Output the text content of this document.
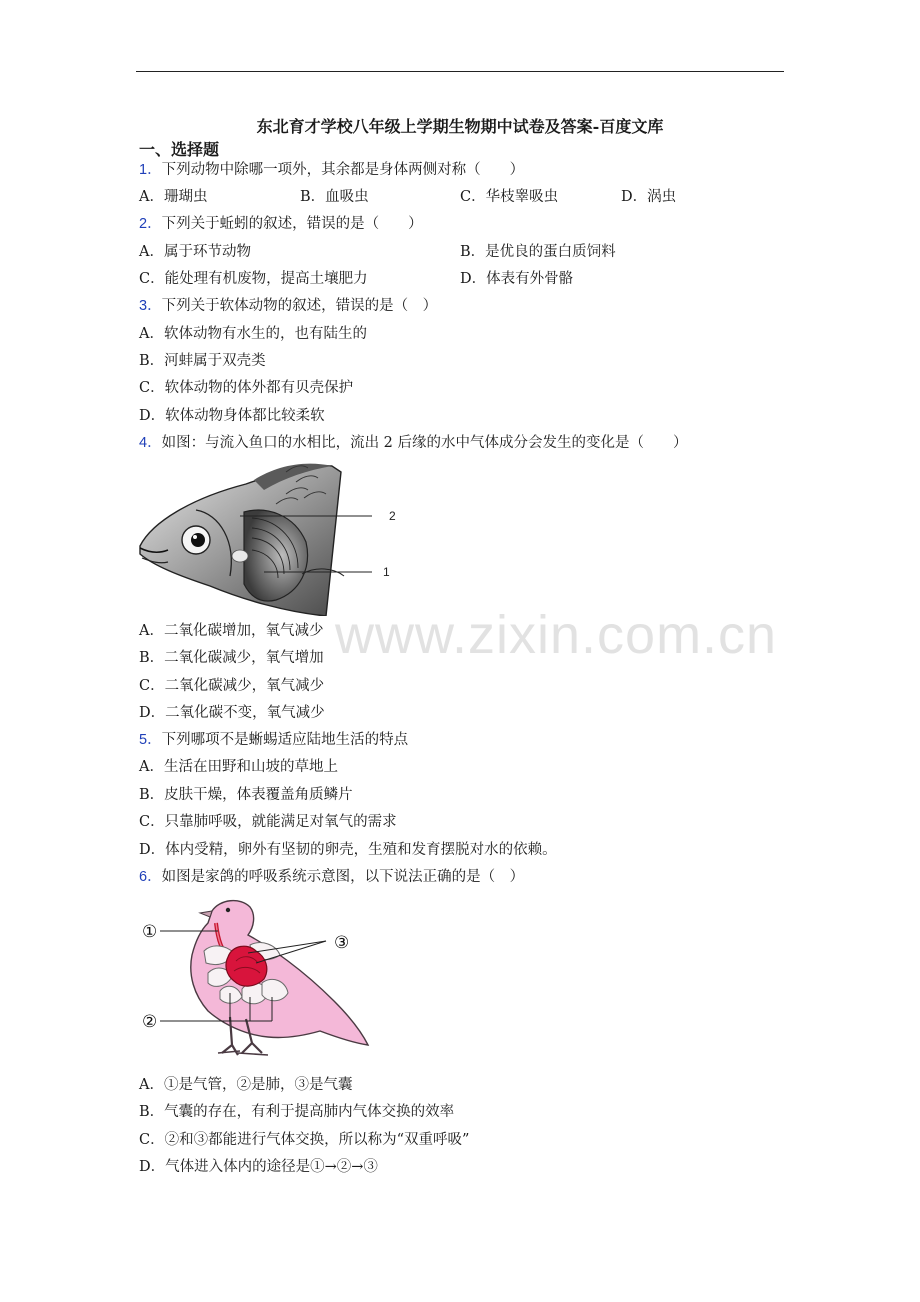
东北育才学校八年级上学期生物期中试卷及答案-百度文库
一、选择题
1．下列动物中除哪一项外，其余都是身体两侧对称（　　）
A．珊瑚虫	B．血吸虫	C．华枝睾吸虫	D．涡虫
2．下列关于蚯蚓的叙述，错误的是（　　）
A．属于环节动物	B．是优良的蛋白质饲料
C．能处理有机废物，提高土壤肥力	D．体表有外骨骼
3．下列关于软体动物的叙述，错误的是（　）
A．软体动物有水生的，也有陆生的
B．河蚌属于双壳类
C．软体动物的体外都有贝壳保护
D．软体动物身体都比较柔软
4．如图：与流入鱼口的水相比，流出 2 后缘的水中气体成分会发生的变化是（　　）
2
1
www.zixin.com.cn
A．二氧化碳增加，氧气减少
B．二氧化碳减少，氧气增加
C．二氧化碳减少，氧气减少
D．二氧化碳不变，氧气减少
5．下列哪项不是蜥蜴适应陆地生活的特点
A．生活在田野和山坡的草地上
B．皮肤干燥，体表覆盖角质鳞片
C．只靠肺呼吸，就能满足对氧气的需求
D．体内受精，卵外有坚韧的卵壳，生殖和发育摆脱对水的依赖。
6．如图是家鸽的呼吸系统示意图，以下说法正确的是（　）
①
③
②
A．①是气管，②是肺，③是气囊
B．气囊的存在，有利于提高肺内气体交换的效率
C．②和③都能进行气体交换，所以称为“双重呼吸”
D．气体进入体内的途径是①→②→③
